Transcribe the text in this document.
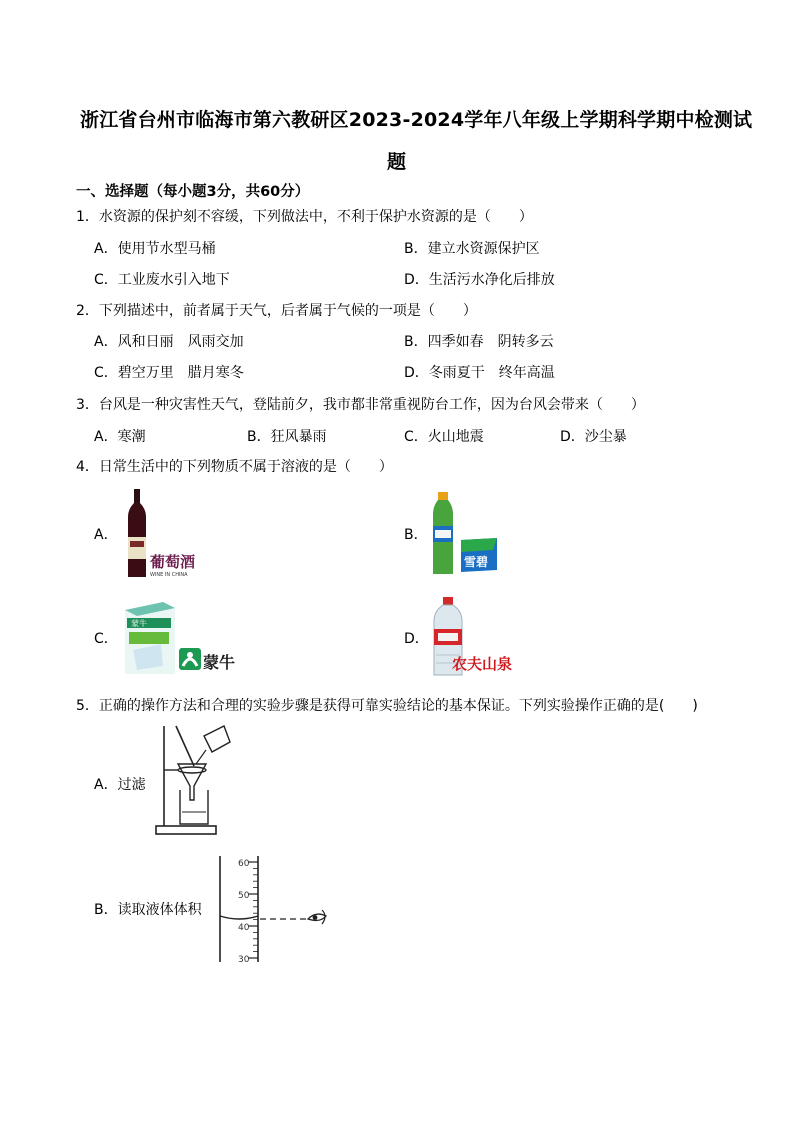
浙江省台州市临海市第六教研区2023-2024学年八年级上学期科学期中检测试
题
一、选择题（每小题3分，共60分）
1．水资源的保护刻不容缓，下列做法中，不利于保护水资源的是（　　）
A．使用节水型马桶	B．建立水资源保护区
C．工业废水引入地下	D．生活污水净化后排放
2．下列描述中，前者属于天气，后者属于气候的一项是（　　）
A．风和日丽　风雨交加	B．四季如春　阴转多云
C．碧空万里　腊月寒冬	D．冬雨夏干　终年高温
3．台风是一种灾害性天气，登陆前夕，我市都非常重视防台工作，因为台风会带来（　　）
A．寒潮	B．狂风暴雨	C．火山地震	D．沙尘暴
4．日常生活中的下列物质不属于溶液的是（　　）
A．
葡萄酒
WINE IN CHINA
B．
雪碧
C．
蒙牛
蒙牛
D．
农夫山泉
5．正确的操作方法和合理的实验步骤是获得可靠实验结论的基本保证。下列实验操作正确的是(　　)
A．过滤
B．读取液体体积
60
50
40
30
